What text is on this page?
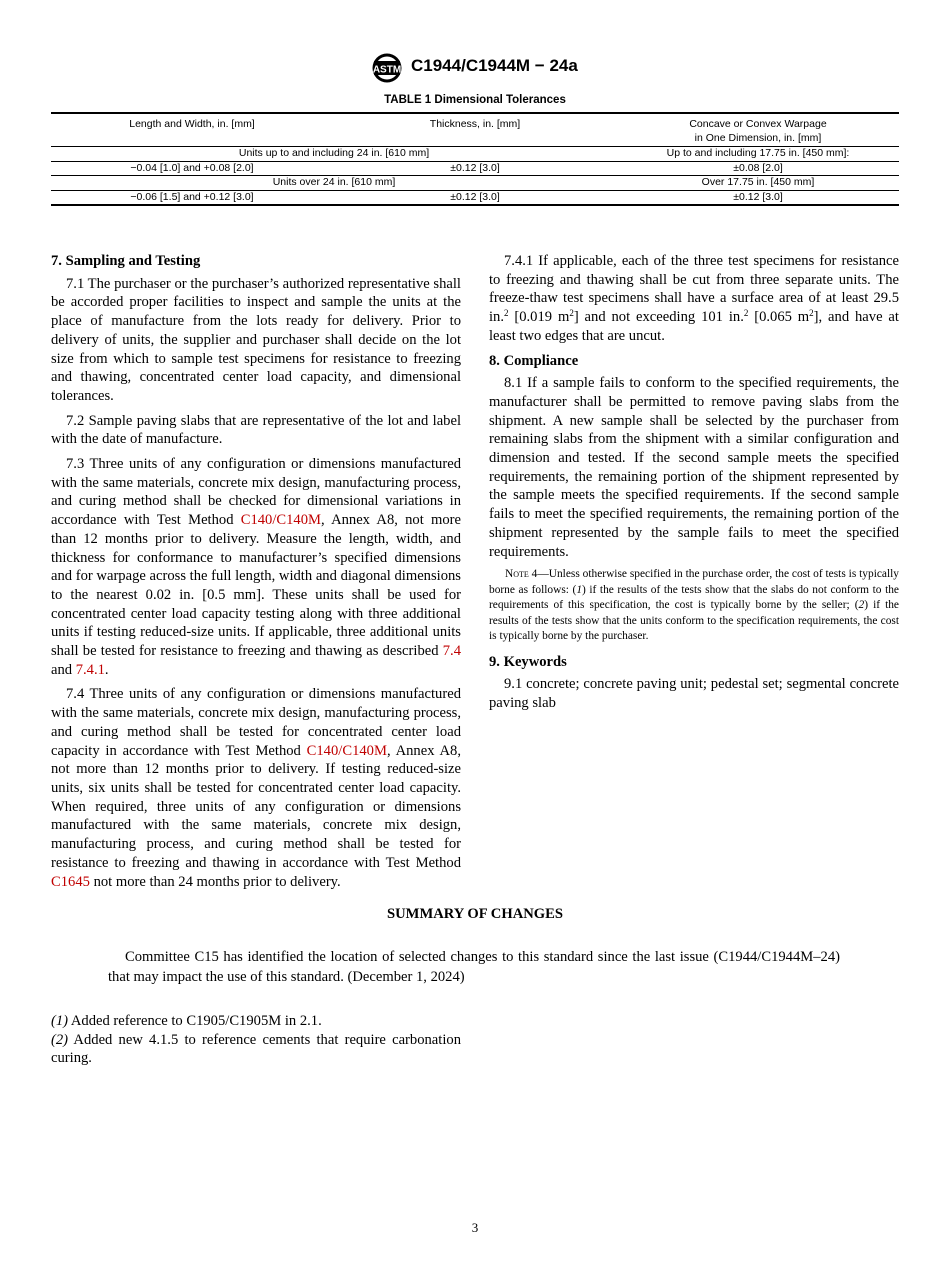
ASTM C1944/C1944M − 24a
TABLE 1 Dimensional Tolerances
Length and Width, in. [mm]	Thickness, in. [mm]	Concave or Convex Warpage in One Dimension, in. [mm]

Units up to and including 24 in. [610 mm]		Up to and including 17.75 in. [450 mm]:
−0.04 [1.0] and +0.08 [2.0]	±0.12 [3.0]	±0.08 [2.0]
Units over 24 in. [610 mm]		Over 17.75 in. [450 mm]
−0.06 [1.5] and +0.12 [3.0]	±0.12 [3.0]	±0.12 [3.0]
7. Sampling and Testing

7.1 The purchaser or the purchaser’s authorized representative shall be accorded proper facilities to inspect and sample the units at the place of manufacture from the lots ready for delivery. Prior to delivery of units, the supplier and purchaser shall decide on the lot size from which to sample test specimens for resistance to freezing and thawing, concentrated center load capacity, and dimensional tolerances.

7.2 Sample paving slabs that are representative of the lot and label with the date of manufacture.

7.3 Three units of any configuration or dimensions manufactured with the same materials, concrete mix design, manufacturing process, and curing method shall be checked for dimensional variations in accordance with Test Method C140/C140M, Annex A8, not more than 12 months prior to delivery. Measure the length, width, and thickness for conformance to manufacturer’s specified dimensions and for warpage across the full length, width and diagonal dimensions to the nearest 0.02 in. [0.5 mm]. These units shall be used for concentrated center load capacity testing along with three additional units if testing reduced-size units. If applicable, three additional units shall be tested for resistance to freezing and thawing as described 7.4 and 7.4.1.

7.4 Three units of any configuration or dimensions manufactured with the same materials, concrete mix design, manufacturing process, and curing method shall be tested for concentrated center load capacity in accordance with Test Method C140/C140M, Annex A8, not more than 12 months prior to delivery. If testing reduced-size units, six units shall be tested for concentrated center load capacity. When required, three units of any configuration or dimensions manufactured with the same materials, concrete mix design, manufacturing process, and curing method shall be tested for resistance to freezing and thawing in accordance with Test Method C1645 not more than 24 months prior to delivery.

7.4.1 If applicable, each of the three test specimens for resistance to freezing and thawing shall be cut from three separate units. The freeze-thaw test specimens shall have a surface area of at least 29.5 in.$^2$ [0.019 $m^2$] and not exceeding 101 in.$^2$ [0.065 $m^2$], and have at least two edges that are uncut.

8. Compliance

8.1 If a sample fails to conform to the specified requirements, the manufacturer shall be permitted to remove paving slabs from the shipment. A new sample shall be selected by the purchaser from remaining slabs from the shipment with a similar configuration and dimension and tested. If the second sample meets the specified requirements, the remaining portion of the shipment represented by the sample meets the specified requirements. If the second sample fails to meet the specified requirements, the remaining portion of the shipment represented by the sample fails to meet the specified requirements.

Note 4—Unless otherwise specified in the purchase order, the cost of tests is typically borne as follows: (1) if the results of the tests show that the slabs do not conform to the requirements of this specification, the cost is typically borne by the seller; (2) if the results of the tests show that the units conform to the specification requirements, the cost is typically borne by the purchaser.
9. Keywords

9.1 concrete; concrete paving unit; pedestal set; segmental concrete paving slab

SUMMARY OF CHANGES

Committee C15 has identified the location of selected changes to this standard since the last issue (C1944/C1944M–24) that may impact the use of this standard. (December 1, 2024)

(1) Added reference to C1905/C1905M in 2.1.

(2) Added new 4.1.5 to reference cements that require carbonation curing.

3
